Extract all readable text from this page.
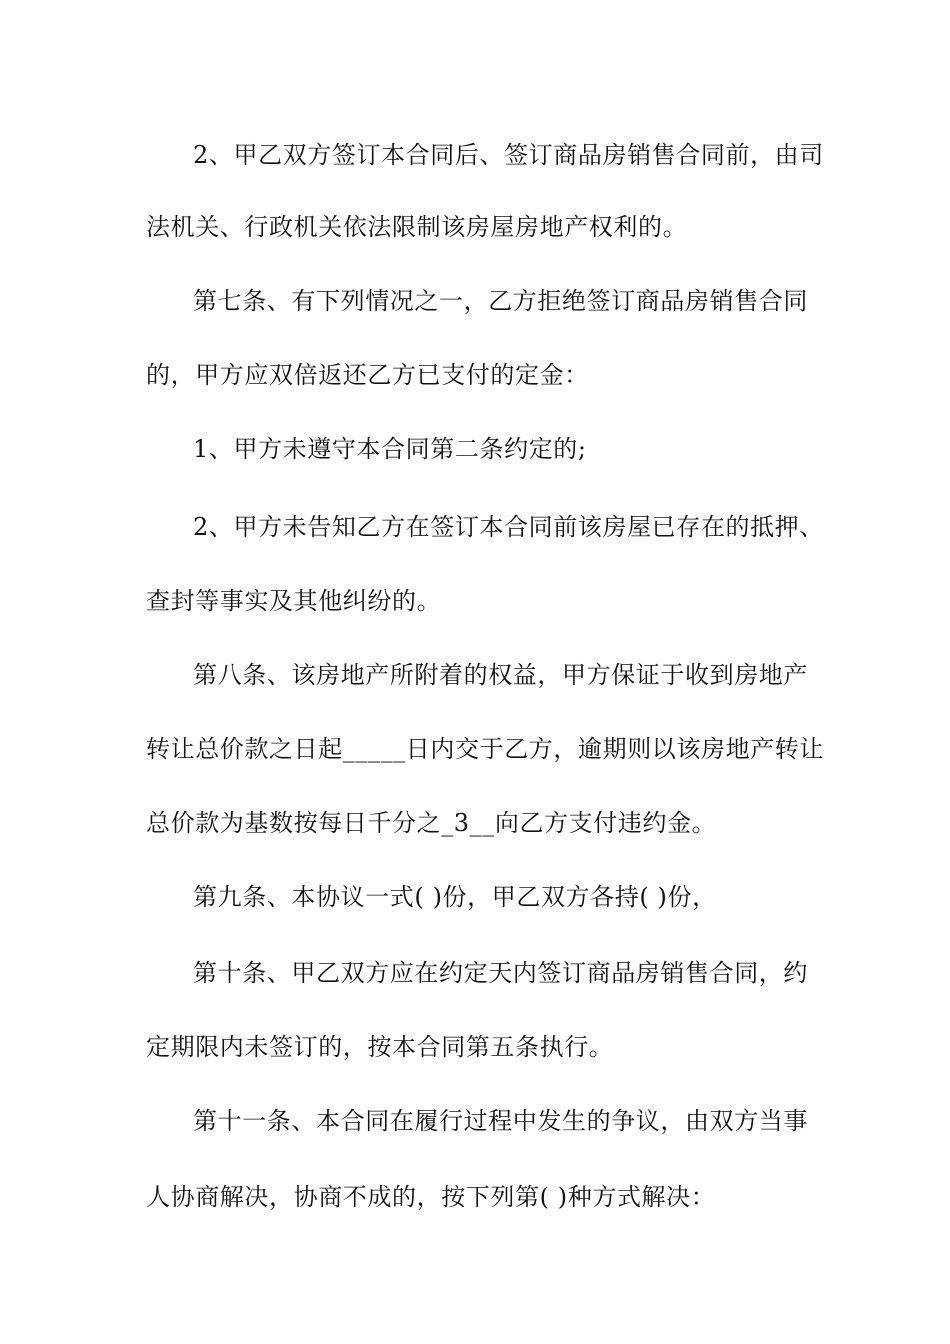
2、甲乙双方签订本合同后、签订商品房销售合同前，由司
法机关、行政机关依法限制该房屋房地产权利的。
第七条、有下列情况之一，乙方拒绝签订商品房销售合同
的，甲方应双倍返还乙方已支付的定金：
1、甲方未遵守本合同第二条约定的;
2、甲方未告知乙方在签订本合同前该房屋已存在的抵押、
查封等事实及其他纠纷的。
第八条、该房地产所附着的权益，甲方保证于收到房地产
转让总价款之日起_____日内交于乙方，逾期则以该房地产转让
总价款为基数按每日千分之_3__向乙方支付违约金。
第九条、本协议一式( )份，甲乙双方各持( )份，
第十条、甲乙双方应在约定天内签订商品房销售合同，约
定期限内未签订的，按本合同第五条执行。
第十一条、本合同在履行过程中发生的争议，由双方当事
人协商解决，协商不成的，按下列第( )种方式解决：
